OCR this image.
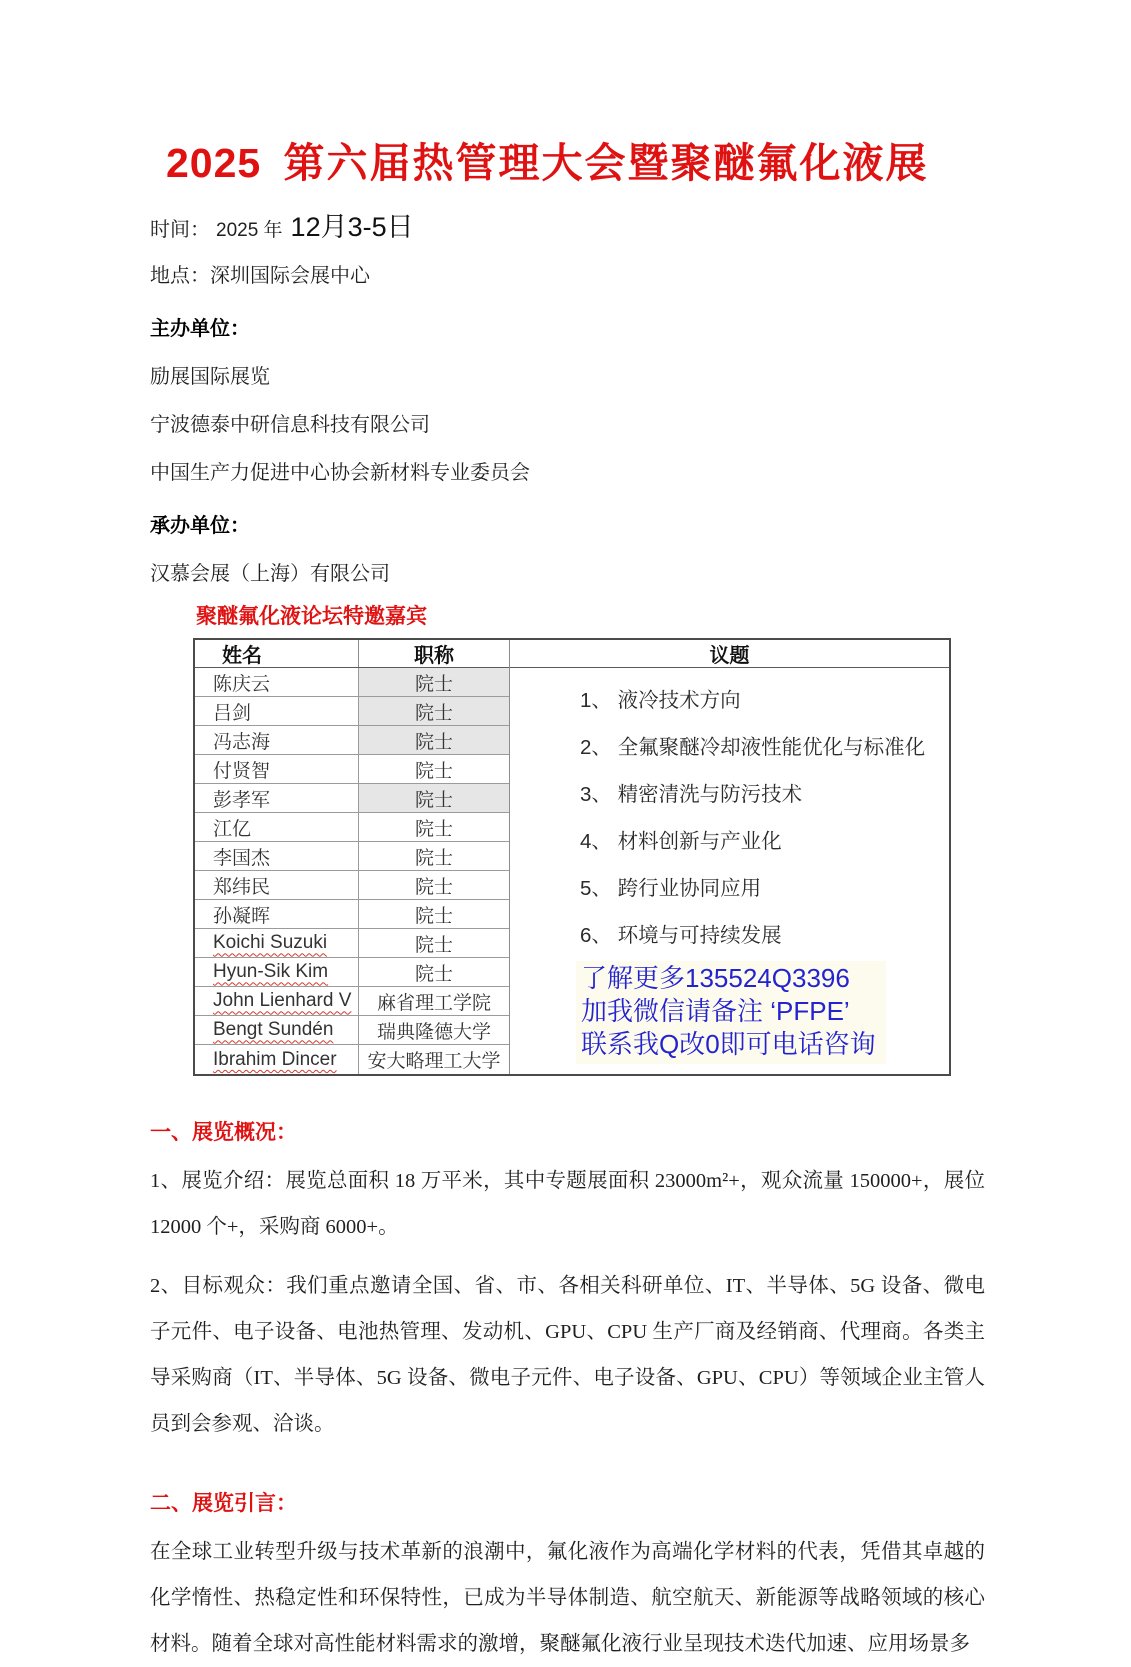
2025 第六届热管理大会暨聚醚氟化液展

时间： 2025 年 12月3-5日

地点：深圳国际会展中心

主办单位：

励展国际展览

宁波德泰中研信息科技有限公司

中国生产力促进中心协会新材料专业委员会

承办单位：

汉慕会展（上海）有限公司

聚醚氟化液论坛特邀嘉宾
姓名	职称
陈庆云	院士
吕剑	院士
冯志海	院士
付贤智	院士
彭孝军	院士
江亿	院士
李国杰	院士
郑纬民	院士
孙凝晖	院士
Koichi Suzuki	院士
Hyun-Sik Kim	院士
John Lienhard V	麻省理工学院
Bengt Sundén	瑞典隆德大学
Ibrahim Dincer	安大略理工大学
议题
1、 液冷技术方向
2、 全氟聚醚冷却液性能优化与标准化
3、 精密清洗与防污技术
4、 材料创新与产业化
5、 跨行业协同应用
6、 环境与可持续发展
了解更多135524Q3396
加我微信请备注 ‘PFPE’
联系我Q改0即可电话咨询
一、展览概况：

1、展览介绍：展览总面积 18 万平米，其中专题展面积 23000m²+，观众流量 150000+，展位 12000 个+，采购商 6000+。

2、目标观众：我们重点邀请全国、省、市、各相关科研单位、IT、半导体、5G 设备、微电子元件、电子设备、电池热管理、发动机、GPU、CPU 生产厂商及经销商、代理商。各类主导采购商（IT、半导体、5G 设备、微电子元件、电子设备、GPU、CPU）等领域企业主管人员到会参观、洽谈。

二、展览引言：

在全球工业转型升级与技术革新的浪潮中，氟化液作为高端化学材料的代表，凭借其卓越的化学惰性、热稳定性和环保特性，已成为半导体制造、航空航天、新能源等战略领域的核心材料。随着全球对高性能材料需求的激增，聚醚氟化液行业呈现技术迭代加速、应用场景多
